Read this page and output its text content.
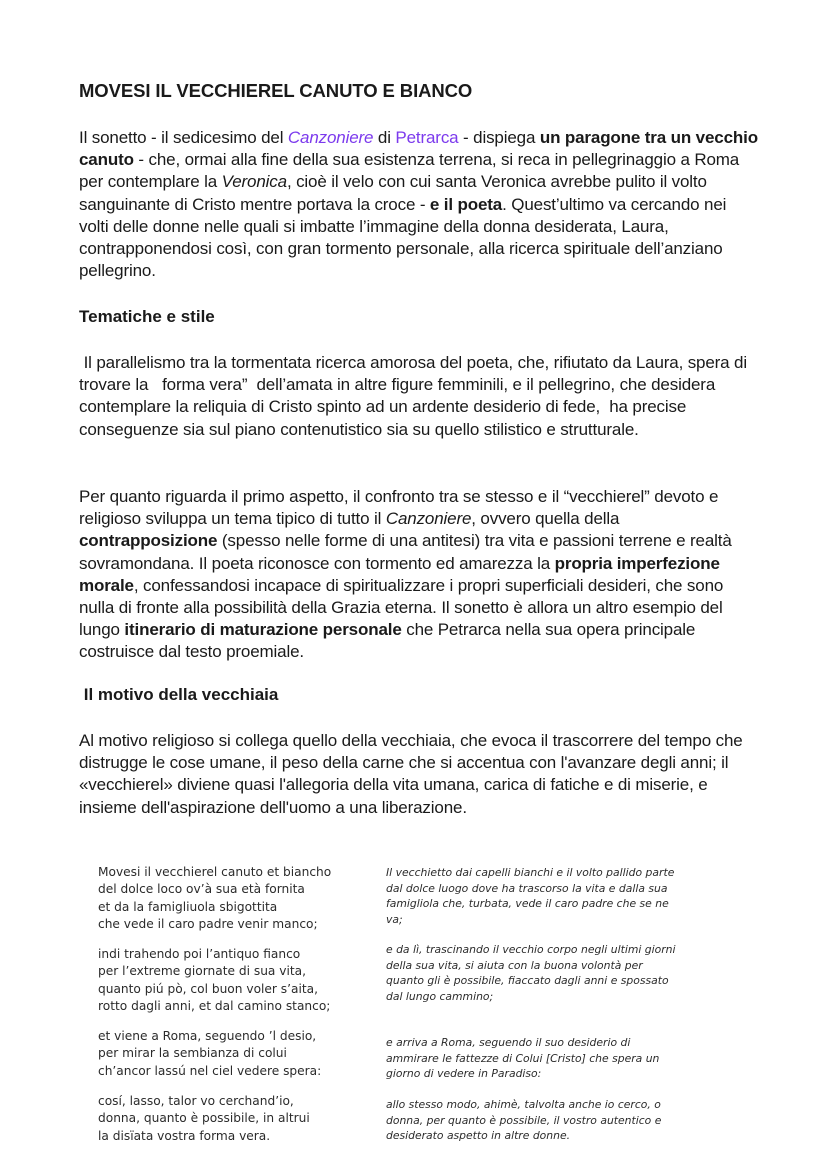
MOVESI IL VECCHIEREL CANUTO E BIANCO
Il sonetto - il sedicesimo del Canzoniere di Petrarca - dispiega un paragone tra un vecchio canuto - che, ormai alla fine della sua esistenza terrena, si reca in pellegrinaggio a Roma per contemplare la Veronica, cioè il velo con cui santa Veronica avrebbe pulito il volto sanguinante di Cristo mentre portava la croce - e il poeta. Quest’ultimo va cercando nei volti delle donne nelle quali si imbatte l’immagine della donna desiderata, Laura, contrapponendosi così, con gran tormento personale, alla ricerca spirituale dell’anziano pellegrino.
Tematiche e stile
Il parallelismo tra la tormentata ricerca amorosa del poeta, che, rifiutato da Laura, spera di trovare la   forma vera”  dell’amata in altre figure femminili, e il pellegrino, che desidera contemplare la reliquia di Cristo spinto ad un ardente desiderio di fede,  ha precise conseguenze sia sul piano contenutistico sia su quello stilistico e strutturale.
Per quanto riguarda il primo aspetto, il confronto tra se stesso e il “vecchierel” devoto e religioso sviluppa un tema tipico di tutto il Canzoniere, ovvero quella della contrapposizione (spesso nelle forme di una antitesi) tra vita e passioni terrene e realtà sovramondana. Il poeta riconosce con tormento ed amarezza la propria imperfezione morale, confessandosi incapace di spiritualizzare i propri superficiali desideri, che sono nulla di fronte alla possibilità della Grazia eterna. Il sonetto è allora un altro esempio del lungo itinerario di maturazione personale che Petrarca nella sua opera principale costruisce dal testo proemiale.
Il motivo della vecchiaia
Al motivo religioso si collega quello della vecchiaia, che evoca il trascorrere del tempo che distrugge le cose umane, il peso della carne che si accentua con l'avanzare degli anni; il «vecchierel» diviene quasi l'allegoria della vita umana, carica di fatiche e di miserie, e insieme dell'aspirazione dell'uomo a una liberazione.
Movesi il vecchierel canuto et biancho
del dolce loco ov’à sua età fornita
et da la famigliuola sbigottita
che vede il caro padre venir manco;
indi trahendo poi l’antiquo fianco
per l’extreme giornate di sua vita,
quanto piú pò, col buon voler s’aita,
rotto dagli anni, et dal camino stanco;
et viene a Roma, seguendo ’l desio,
per mirar la sembianza di colui
ch’ancor lassú nel ciel vedere spera:
cosí, lasso, talor vo cerchand’io,
donna, quanto è possibile, in altrui
la disïata vostra forma vera.
Il vecchietto dai capelli bianchi e il volto pallido parte
dal dolce luogo dove ha trascorso la vita e dalla sua
famigliola che, turbata, vede il caro padre che se ne
va;
e da lì, trascinando il vecchio corpo negli ultimi giorni
della sua vita, si aiuta con la buona volontà per
quanto gli è possibile, fiaccato dagli anni e spossato
dal lungo cammino;
e arriva a Roma, seguendo il suo desiderio di
ammirare le fattezze di Colui [Cristo] che spera un
giorno di vedere in Paradiso:
allo stesso modo, ahimè, talvolta anche io cerco, o
donna, per quanto è possibile, il vostro autentico e
desiderato aspetto in altre donne.
